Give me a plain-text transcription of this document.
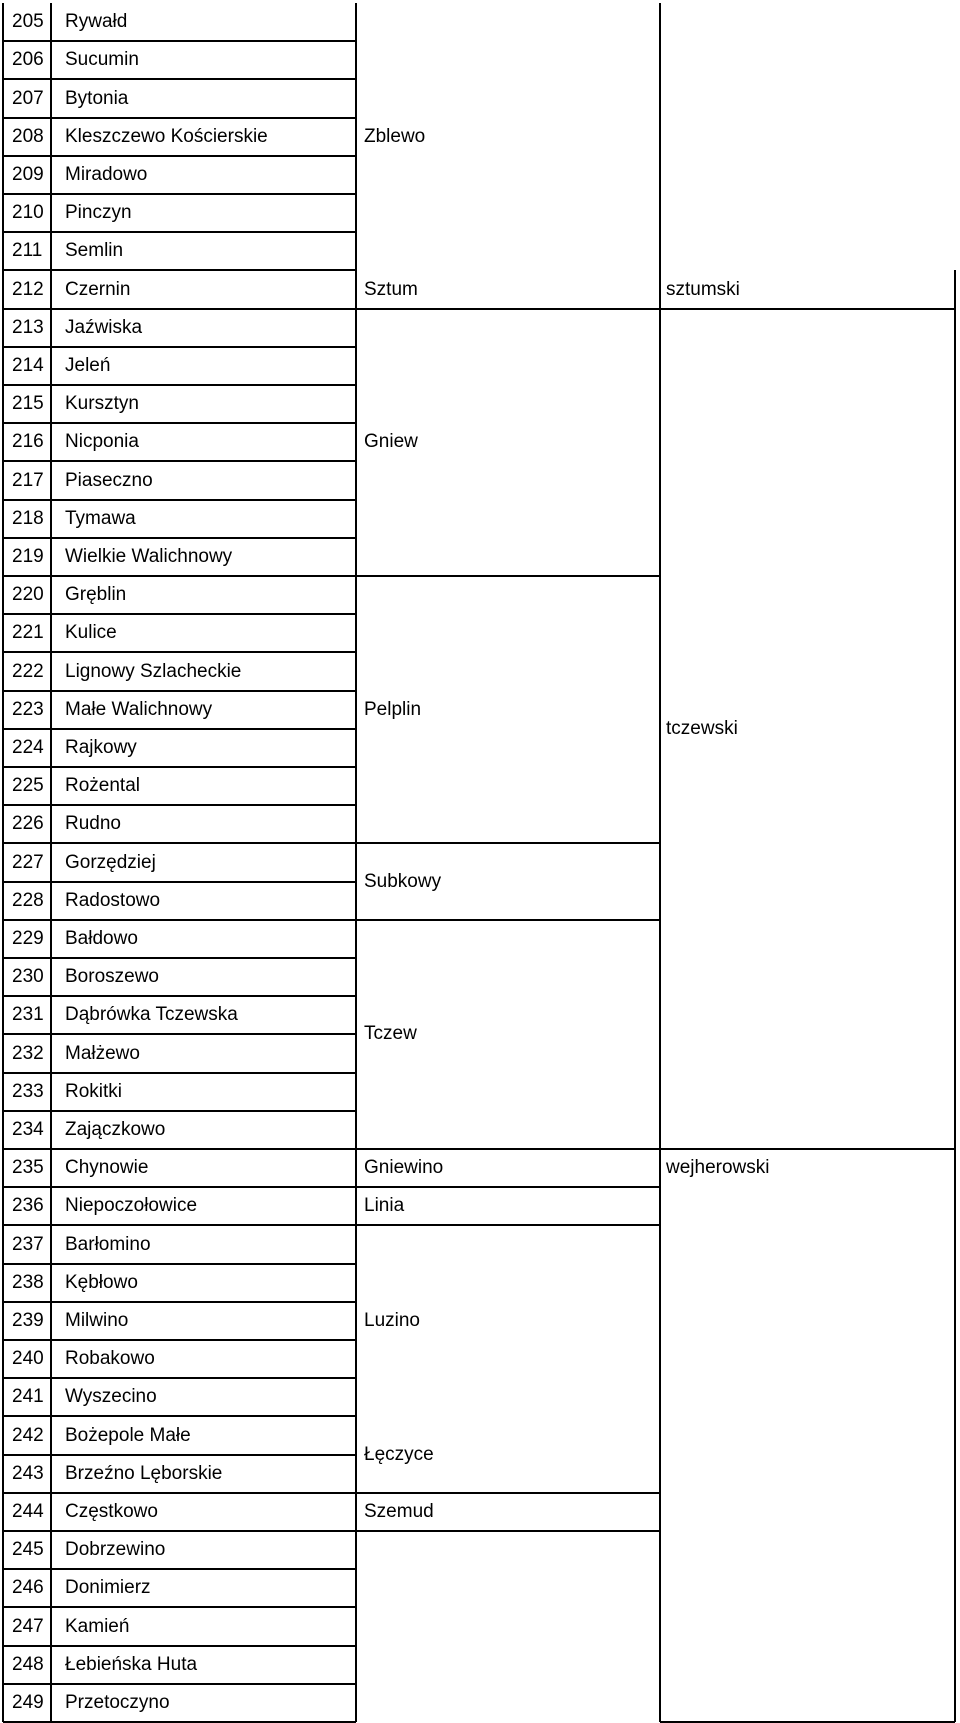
205 Rywałd
206 Sucumin
207 Bytonia
208 Kleszczewo Kościerskie
209 Miradowo
210 Pinczyn
211 Semlin
212 Czernin
213 Jaźwiska
214 Jeleń
215 Kursztyn
216 Nicponia
217 Piaseczno
218 Tymawa
219 Wielkie Walichnowy
220 Gręblin
221 Kulice
222 Lignowy Szlacheckie
223 Małe Walichnowy
224 Rajkowy
225 Rożental
226 Rudno
227 Gorzędziej
228 Radostowo
229 Bałdowo
230 Boroszewo
231 Dąbrówka Tczewska
232 Małżewo
233 Rokitki
234 Zajączkowo
235 Chynowie
236 Niepoczołowice
237 Barłomino
238 Kębłowo
239 Milwino
240 Robakowo
241 Wyszecino
242 Bożepole Małe
243 Brzeźno Lęborskie
244 Częstkowo
245 Dobrzewino
246 Donimierz
247 Kamień
248 Łebieńska Huta
249 Przetoczyno
Zblewo
Sztum
Gniew
Pelplin
Subkowy
Tczew
Gniewino
Linia
Luzino
Łęczyce
Szemud
sztumski
tczewski
wejherowski
